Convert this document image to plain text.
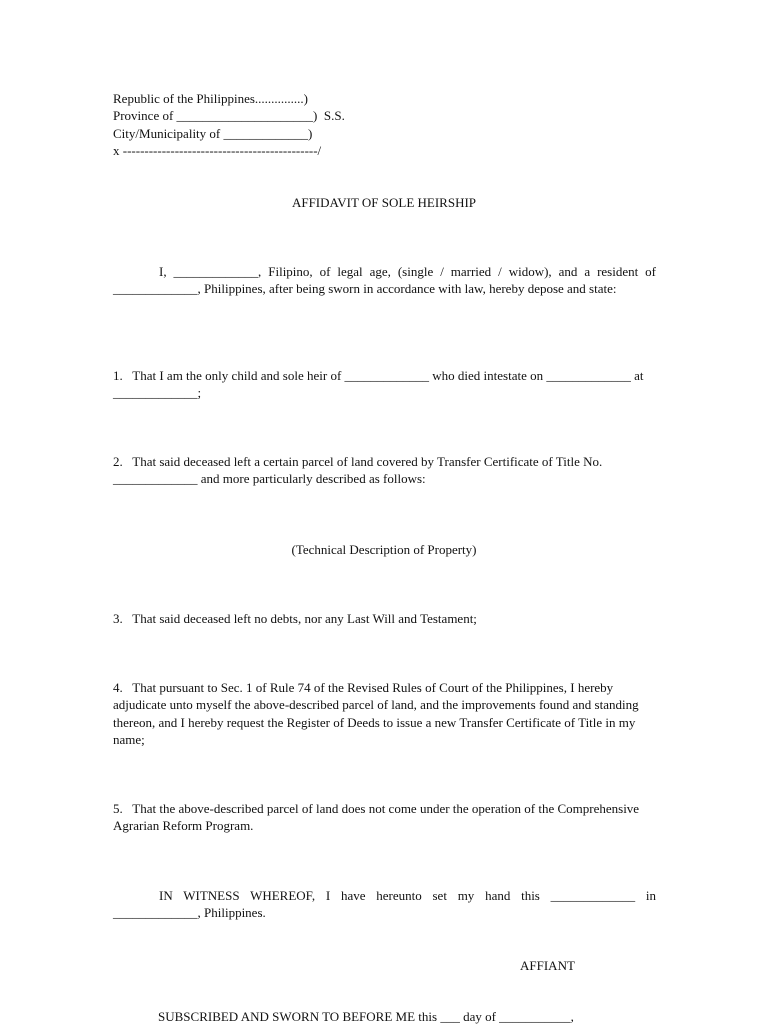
Republic of the Philippines...............)
Province of _____________________)  S.S.
City/Municipality of _____________)
x ---------------------------------------------/
AFFIDAVIT OF SOLE HEIRSHIP
I, _____________, Filipino, of legal age, (single / married / widow), and a resident of _____________, Philippines, after being sworn in accordance with law, hereby depose and state:
1. That I am the only child and sole heir of _____________ who died intestate on _____________ at _____________;
2. That said deceased left a certain parcel of land covered by Transfer Certificate of Title No. _____________ and more particularly described as follows:
(Technical Description of Property)
3. That said deceased left no debts, nor any Last Will and Testament;
4. That pursuant to Sec. 1 of Rule 74 of the Revised Rules of Court of the Philippines, I hereby adjudicate unto myself the above-described parcel of land, and the improvements found and standing thereon, and I hereby request the Register of Deeds to issue a new Transfer Certificate of Title in my name;
5. That the above-described parcel of land does not come under the operation of the Comprehensive Agrarian Reform Program.
IN WITNESS WHEREOF, I have hereunto set my hand this _____________ in _____________, Philippines.
AFFIANT
SUBSCRIBED AND SWORN TO BEFORE ME this ___ day of ___________,
